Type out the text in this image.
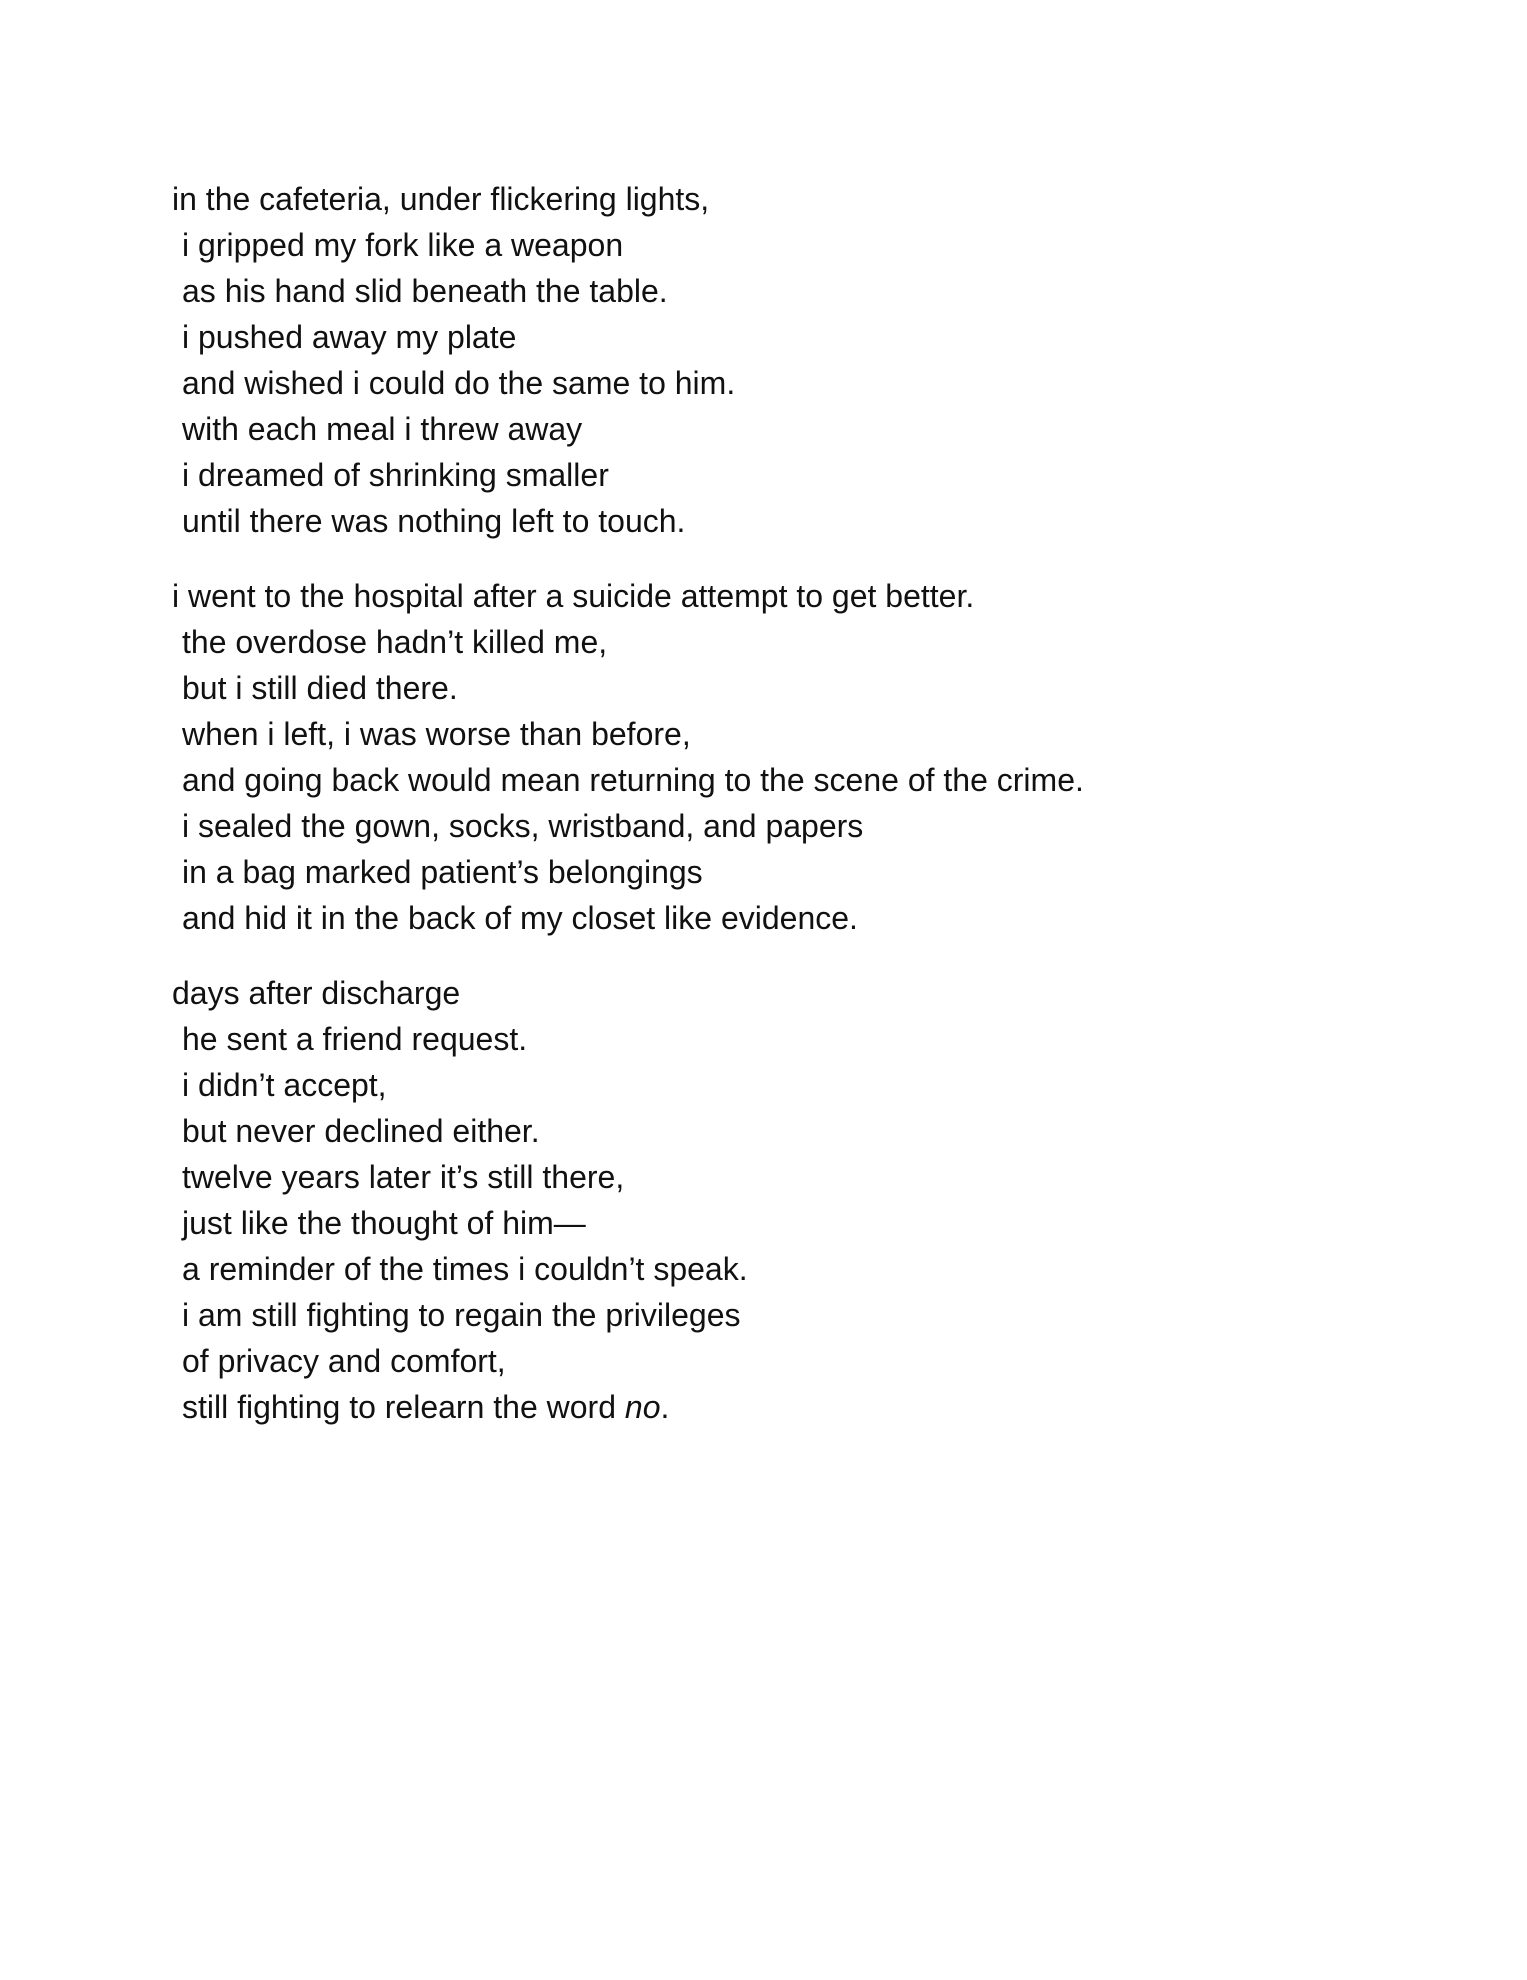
in the cafeteria, under flickering lights,
i gripped my fork like a weapon
as his hand slid beneath the table.
i pushed away my plate
and wished i could do the same to him.
with each meal i threw away
i dreamed of shrinking smaller
until there was nothing left to touch.
i went to the hospital after a suicide attempt to get better.
the overdose hadn’t killed me,
but i still died there.
when i left, i was worse than before,
and going back would mean returning to the scene of the crime.
i sealed the gown, socks, wristband, and papers
in a bag marked patient’s belongings
and hid it in the back of my closet like evidence.
days after discharge
he sent a friend request.
i didn’t accept,
but never declined either.
twelve years later it’s still there,
just like the thought of him—
a reminder of the times i couldn’t speak.
i am still fighting to regain the privileges
of privacy and comfort,
still fighting to relearn the word no.
